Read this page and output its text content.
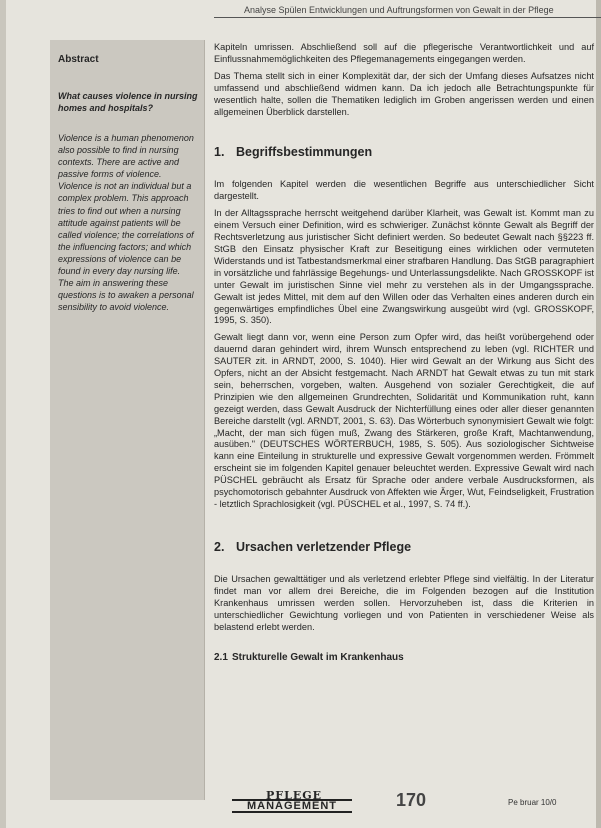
Analyse Spülen Entwicklungen und Auftrungsformen von Gewalt in der Pflege
Abstract
What causes violence in nursing homes and hospitals?
Violence is a human phenomenon also possible to find in nursing contexts. There are active and passive forms of violence. Violence is not an individual but a complex problem. This approach tries to find out when a nursing attitude against patients will be called violence; the correlations of the influencing factors; and which expressions of violence can be found in every day nursing life. The aim in answering these questions is to awaken a personal sensibility to avoid violence.

Kapiteln umrissen. Abschließend soll auf die pflegerische Verantwortlichkeit und auf Einflussnahmemöglichkeiten des Pflegemanagements eingegangen werden.

Das Thema stellt sich in einer Komplexität dar, der sich der Umfang dieses Aufsatzes nicht umfassend und abschließend widmen kann. Da ich jedoch alle Betrachtungspunkte für wesentlich halte, sollen die Thematiken lediglich im Groben angerissen werden und einen allgemeinen Überblick darstellen.

1. Begriffsbestimmungen

Im folgenden Kapitel werden die wesentlichen Begriffe aus unterschiedlicher Sicht dargestellt.

In der Alltagssprache herrscht weitgehend darüber Klarheit, was Gewalt ist. Kommt man zu einem Versuch einer Definition, wird es schwieriger. Zunächst könnte Gewalt als Begriff der Rechtsverletzung aus juristischer Sicht definiert werden. So bedeutet Gewalt nach §§223 ff. StGB den Einsatz physischer Kraft zur Beseitigung eines wirklichen oder vermuteten Widerstands und ist Tatbestandsmerkmal einer strafbaren Handlung. Das StGB paragraphiert in vorsätzliche und fahrlässige Begehungs- und Unterlassungsdelikte. Nach GROSSKOPF ist unter Gewalt im juristischen Sinne viel mehr zu verstehen als in der Umgangssprache. Gewalt ist jedes Mittel, mit dem auf den Willen oder das Verhalten eines anderen durch ein gegenwärtiges empfindliches Übel eine Zwangswirkung ausgeübt wird (vgl. GROSSKOPF, 1995, S. 350).

Gewalt liegt dann vor, wenn eine Person zum Opfer wird, das heißt vorübergehend oder dauernd daran gehindert wird, ihrem Wunsch entsprechend zu leben (vgl. RICHTER und SAUTER zit. in ARNDT, 2000, S. 1040). Hier wird Gewalt an der Wirkung aus Sicht des Opfers, nicht an der Absicht festgemacht. Nach ARNDT hat Gewalt etwas zu tun mit stark sein, beherrschen, vorgeben, walten. Ausgehend von sozialer Gerechtigkeit, die auf Prinzipien wie den allgemeinen Grundrechten, Solidarität und Kommunikation ruht, kann gezeigt werden, dass Gewalt Ausdruck der Nichterfüllung eines oder aller dieser genannten Bereiche darstellt (vgl. ARNDT, 2001, S. 63). Das Wörterbuch synonymisiert Gewalt wie folgt: „Macht, der man sich fügen muß, Zwang des Stärkeren, große Kraft, Machtanwendung, ausüben." (DEUTSCHES WÖRTERBUCH, 1985, S. 505). Aus soziologischer Sichtweise kann eine Einteilung in strukturelle und expressive Gewalt vorgenommen werden. Frömmelt erscheint sie im folgenden Kapitel genauer beleuchtet werden. Expressive Gewalt wird nach PÜSCHEL gebräucht als Ersatz für Sprache oder andere verbale Ausdrucksformen, als psychomotorisch gebahnter Ausdruck von Affekten wie Ärger, Wut, Feindseligkeit, Frustration - letztlich Sprachlosigkeit (vgl. PÜSCHEL et al., 1997, S. 74 ff.).

2. Ursachen verletzender Pflege

Die Ursachen gewalttätiger und als verletzend erlebter Pflege sind vielfältig. In der Literatur findet man vor allem drei Bereiche, die im Folgenden bezogen auf die Institution Krankenhaus umrissen werden sollen. Hervorzuheben ist, dass die Kriterien in unterschiedlicher Gewichtung vorliegen und von Patienten in verschiedener Weise als belastend erlebt werden.

2.1 Strukturelle Gewalt im Krankenhaus
PFLEGE
MANAGEMENT	170	Pe bruar 10/0
